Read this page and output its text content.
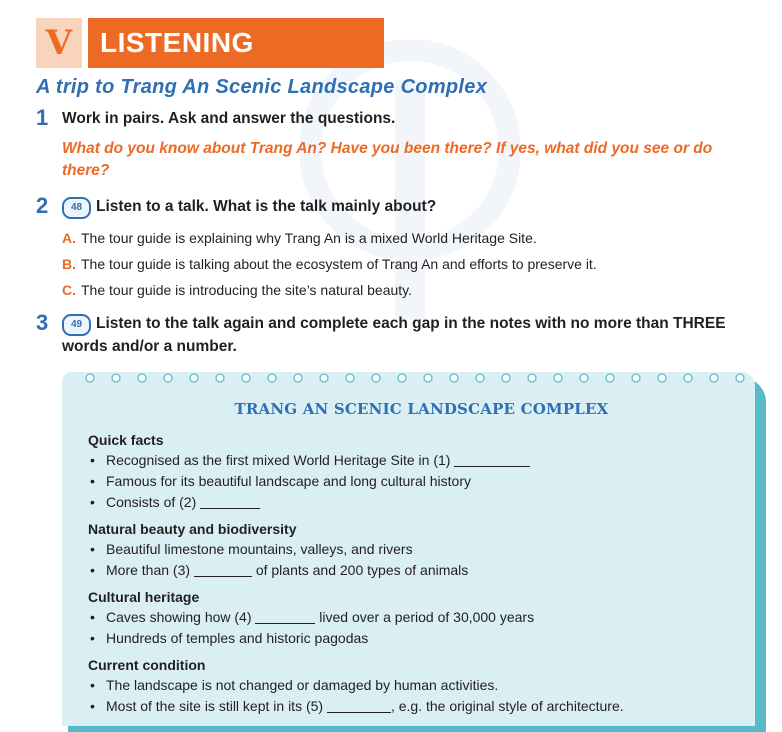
V LISTENING
A trip to Trang An Scenic Landscape Complex
1 Work in pairs. Ask and answer the questions.
What do you know about Trang An? Have you been there? If yes, what did you see or do there?
2	48 Listen to a talk. What is the talk mainly about?
A. The tour guide is explaining why Trang An is a mixed World Heritage Site.
B. The tour guide is talking about the ecosystem of Trang An and efforts to preserve it.
C. The tour guide is introducing the site’s natural beauty.
3	49 Listen to the talk again and complete each gap in the notes with no more than THREE words and/or a number.
TRANG AN SCENIC LANDSCAPE COMPLEX
Quick facts
• Recognised as the first mixed World Heritage Site in (1)
• Famous for its beautiful landscape and long cultural history
• Consists of (2)
Natural beauty and biodiversity
• Beautiful limestone mountains, valleys, and rivers
• More than (3)	of plants and 200 types of animals
Cultural heritage
• Caves showing how (4)	lived over a period of 30,000 years
• Hundreds of temples and historic pagodas
Current condition
• The landscape is not changed or damaged by human activities.
• Most of the site is still kept in its (5)	, e.g. the original style of architecture.
